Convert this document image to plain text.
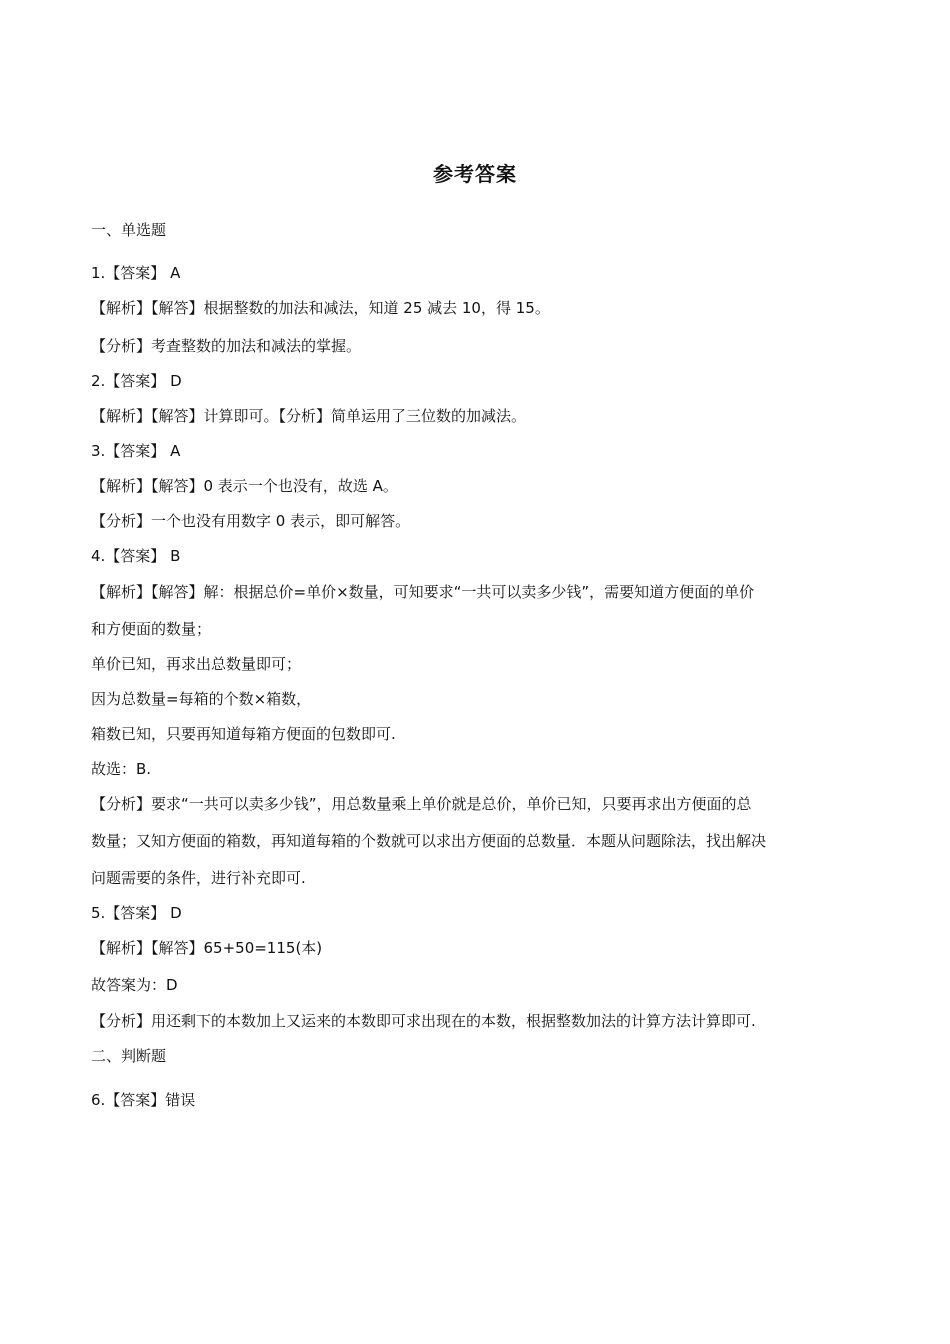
参考答案
一、单选题
1.【答案】 A
【解析】【解答】根据整数的加法和减法，知道 25 减去 10，得 15。
【分析】考查整数的加法和减法的掌握。
2.【答案】 D
【解析】【解答】计算即可。【分析】简单运用了三位数的加减法。
3.【答案】 A
【解析】【解答】0 表示一个也没有，故选 A。
【分析】一个也没有用数字 0 表示，即可解答。
4.【答案】 B
【解析】【解答】解：根据总价=单价×数量，可知要求“一共可以卖多少钱”，需要知道方便面的单价
和方便面的数量；
单价已知，再求出总数量即可；
因为总数量=每箱的个数×箱数，
箱数已知，只要再知道每箱方便面的包数即可.
故选：B.
【分析】要求“一共可以卖多少钱”，用总数量乘上单价就是总价，单价已知，只要再求出方便面的总
数量；又知方便面的箱数，再知道每箱的个数就可以求出方便面的总数量．本题从问题除法，找出解决
问题需要的条件，进行补充即可.
5.【答案】 D
【解析】【解答】65+50=115(本)
故答案为：D
【分析】用还剩下的本数加上又运来的本数即可求出现在的本数，根据整数加法的计算方法计算即可.
二、判断题
6.【答案】错误
